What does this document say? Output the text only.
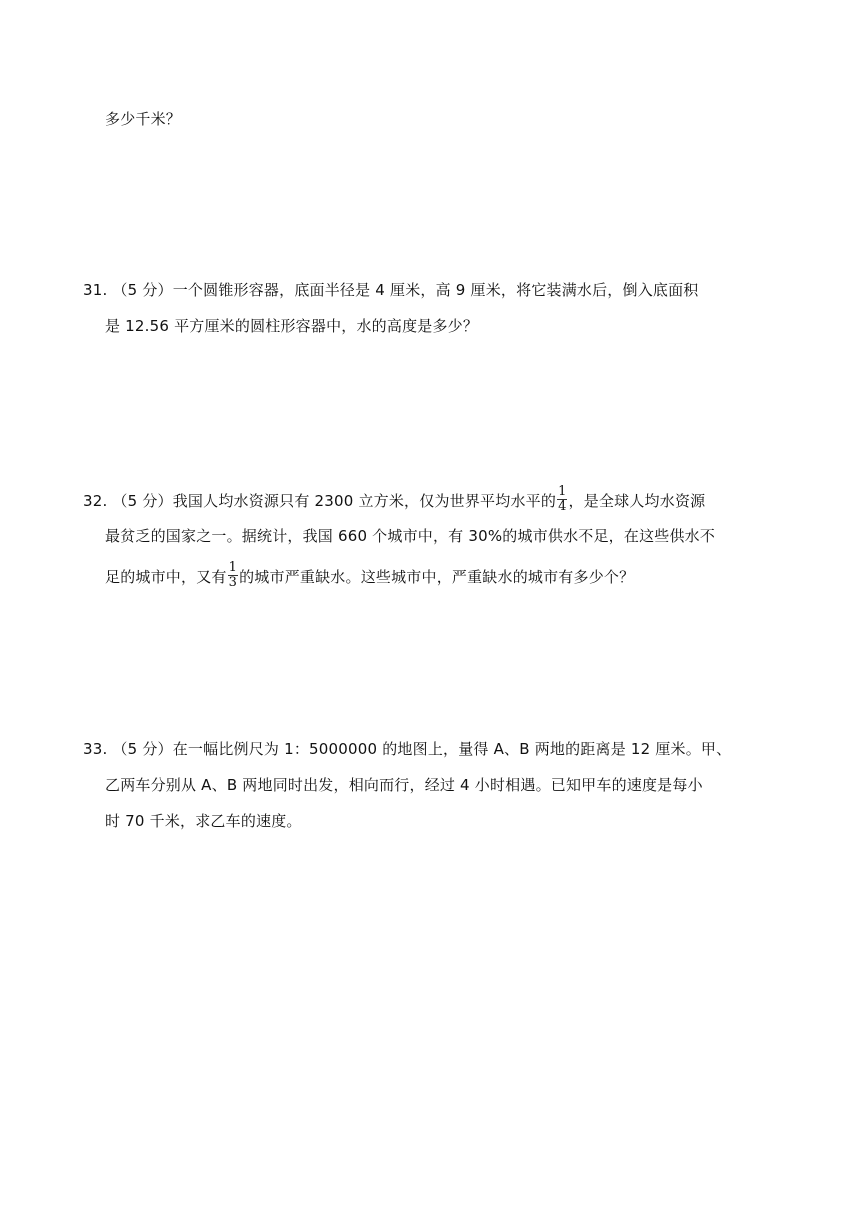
多少千米？
31. （5 分）一个圆锥形容器，底面半径是 4 厘米，高 9 厘米，将它装满水后，倒入底面积
是 12.56 平方厘米的圆柱形容器中，水的高度是多少？
32. （5 分）我国人均水资源只有 2300 立方米，仅为世界平均水平的 $\frac{1}{4}$ ，是全球人均水资源
最贫乏的国家之一。据统计，我国 660 个城市中，有 30%的城市供水不足，在这些供水不
足的城市中，又有 $\frac{1}{3}$ 的城市严重缺水。这些城市中，严重缺水的城市有多少个？
33. （5 分）在一幅比例尺为 1：5000000 的地图上，量得 A、B 两地的距离是 12 厘米。甲、
乙两车分别从 A、B 两地同时出发，相向而行，经过 4 小时相遇。已知甲车的速度是每小
时 70 千米，求乙车的速度。
